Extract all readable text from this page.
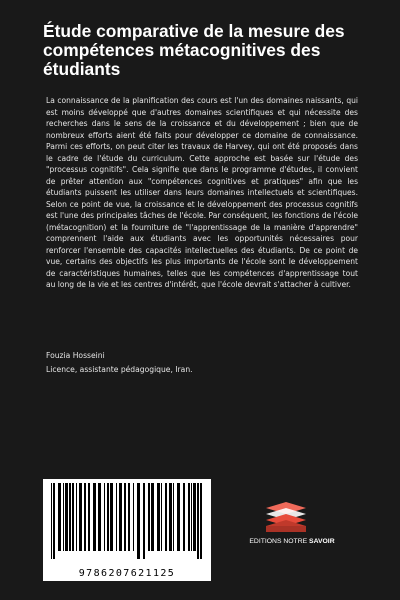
Étude comparative de la mesure des compétences métacognitives des étudiants

La connaissance de la planification des cours est l'un des domaines naissants, qui est moins développé que d'autres domaines scientifiques et qui nécessite des recherches dans le sens de la croissance et du développement ; bien que de nombreux efforts aient été faits pour développer ce domaine de connaissance. Parmi ces efforts, on peut citer les travaux de Harvey, qui ont été proposés dans le cadre de l'étude du curriculum. Cette approche est basée sur l'étude des "processus cognitifs". Cela signifie que dans le programme d'études, il convient de prêter attention aux "compétences cognitives et pratiques" afin que les étudiants puissent les utiliser dans leurs domaines intellectuels et scientifiques. Selon ce point de vue, la croissance et le développement des processus cognitifs est l'une des principales tâches de l'école. Par conséquent, les fonctions de l'école (métacognition) et la fourniture de "l'apprentissage de la manière d'apprendre" comprennent l'aide aux étudiants avec les opportunités nécessaires pour renforcer l'ensemble des capacités intellectuelles des étudiants. De ce point de vue, certains des objectifs les plus importants de l'école sont le développement de caractéristiques humaines, telles que les compétences d'apprentissage tout au long de la vie et les centres d'intérêt, que l'école devrait s'attacher à cultiver.

Fouzia Hosseini
Licence, assistante pédagogique, Iran.
9786207621125
EDITIONS NOTRE SAVOIR
